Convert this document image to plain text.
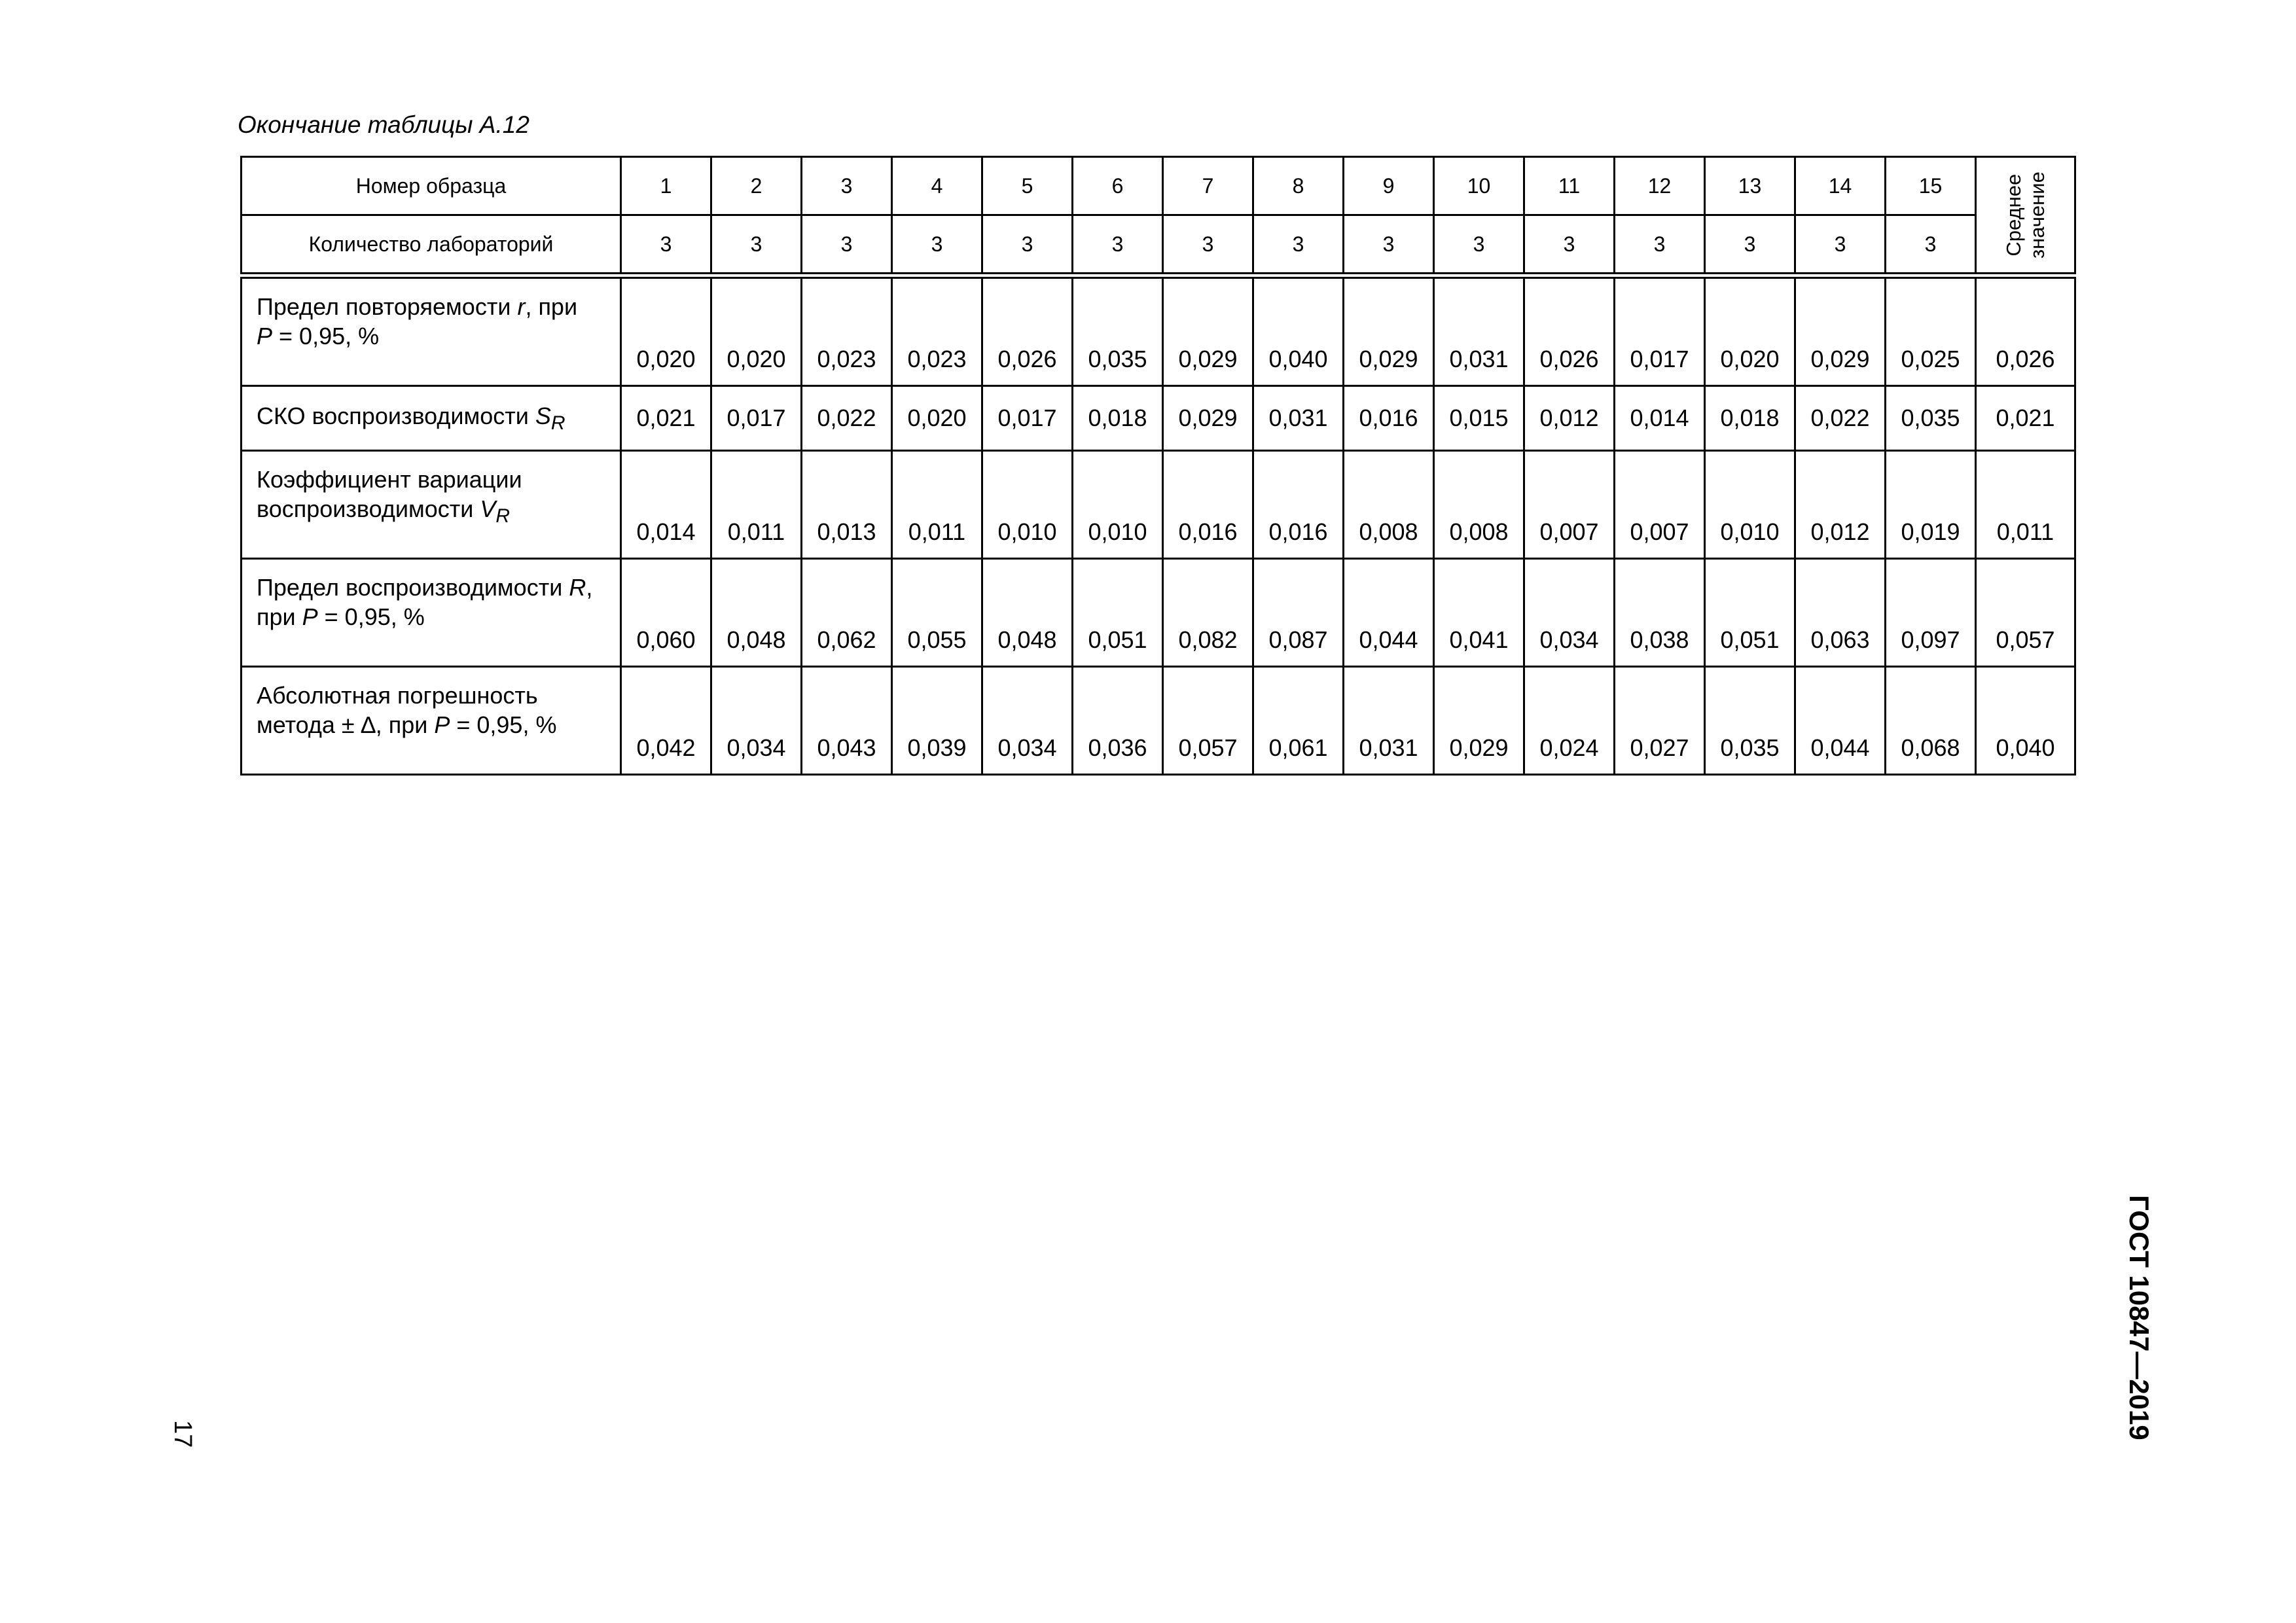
Окончание таблицы А.12
Номер образца	1	2	3	4	5	6	7	8	9	10	11	12	13	14	15	Среднее
значение
Количество лабораторий	3	3	3	3	3	3	3	3	3	3	3	3	3	3	3	
Предел повторяемости r, при
P = 0,95, %	0,020	0,020	0,023	0,023	0,026	0,035	0,029	0,040	0,029	0,031	0,026	0,017	0,020	0,029	0,025	0,026
СКО воспроизводимости $S_R$	0,021	0,017	0,022	0,020	0,017	0,018	0,029	0,031	0,016	0,015	0,012	0,014	0,018	0,022	0,035	0,021
Коэффициент вариации
воспроизводимости $V_R$	0,014	0,011	0,013	0,011	0,010	0,010	0,016	0,016	0,008	0,008	0,007	0,007	0,010	0,012	0,019	0,011
Предел воспроизводимости R,
при P = 0,95, %	0,060	0,048	0,062	0,055	0,048	0,051	0,082	0,087	0,044	0,041	0,034	0,038	0,051	0,063	0,097	0,057
Абсолютная погрешность
метода ± ∆, при P = 0,95, %	0,042	0,034	0,043	0,039	0,034	0,036	0,057	0,061	0,031	0,029	0,024	0,027	0,035	0,044	0,068	0,040
17	ГОСТ 10847—2019
